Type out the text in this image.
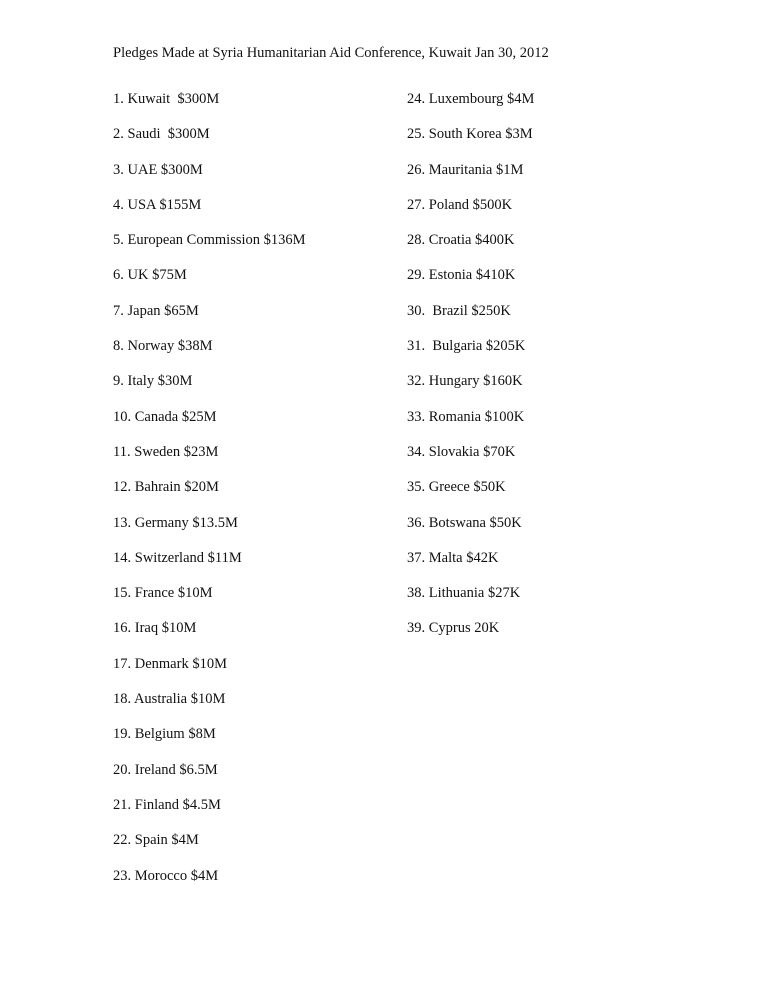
Pledges Made at Syria Humanitarian Aid Conference, Kuwait Jan 30, 2012
1. Kuwait  $300M
2. Saudi  $300M
3. UAE $300M
4. USA $155M
5. European Commission $136M
6. UK $75M
7. Japan $65M
8. Norway $38M
9. Italy $30M
10. Canada $25M
11. Sweden $23M
12. Bahrain $20M
13. Germany $13.5M
14. Switzerland $11M
15. France $10M
16. Iraq $10M
17. Denmark $10M
18. Australia $10M
19. Belgium $8M
20. Ireland $6.5M
21. Finland $4.5M
22. Spain $4M
23. Morocco $4M
24. Luxembourg $4M
25. South Korea $3M
26. Mauritania $1M
27. Poland $500K
28. Croatia $400K
29. Estonia $410K
30.  Brazil $250K
31.  Bulgaria $205K
32. Hungary $160K
33. Romania $100K
34. Slovakia $70K
35. Greece $50K
36. Botswana $50K
37. Malta $42K
38. Lithuania $27K
39. Cyprus 20K
